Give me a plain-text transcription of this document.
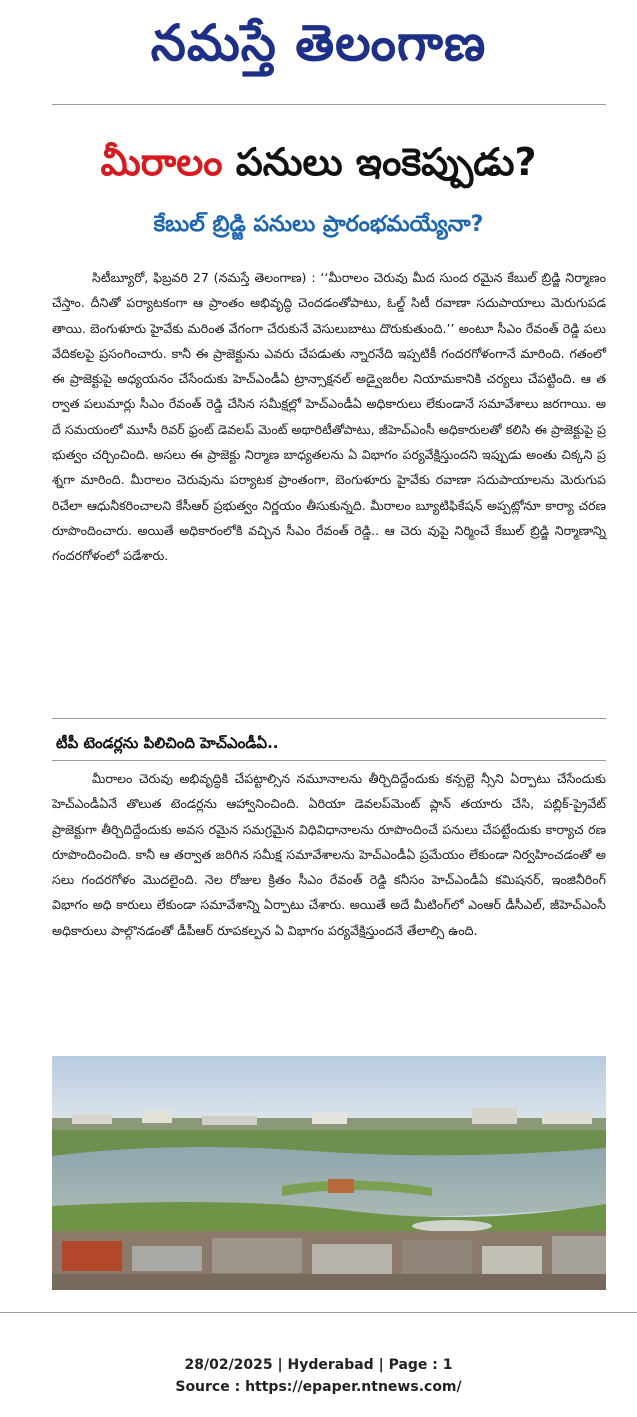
నమస్తే తెలంగాణ
మీరాలం పనులు ఇంకెప్పుడు?
కేబుల్ బ్రిడ్జి పనులు ప్రారంభమయ్యేనా?

సిటీబ్యూరో, ఫిబ్రవరి 27 (నమస్తే తెలంగాణ) : ‘‘మీరాలం చెరువు మీద సుంద రమైన కేబుల్ బ్రిడ్జి నిర్మాణం చేస్తాం. దీనితో పర్యాటకంగా ఆ ప్రాంతం అభివృద్ధి చెందడంతోపాటు, ఓల్డ్ సిటీ రవాణా సదుపాయాలు మెరుగుపడతాయి. బెంగుళూరు హైవేకు మరింత వేగంగా చేరుకునే వెసులుబాటు దొరుకుతుంది.’’ అంటూ సీఎం రేవంత్ రెడ్డి పలు వేదికలపై ప్రసంగించారు. కానీ ఈ ప్రాజెక్టును ఎవరు చేపడుతు న్నారనేది ఇప్పటికీ గందరగోళంగానే మారింది. గతంలో ఈ ప్రాజెక్టుపై అధ్యయనం చేసేందుకు హెచ్ఎండీఏ ట్రాన్సాక్షనల్ అడ్వైజరీల నియామకానికి చర్యలు చేపట్టింది. ఆ తర్వాత పలుమార్లు సీఎం రేవంత్ రెడ్డి చేసిన సమీక్షల్లో హెచ్ఎండీఏ అధికారులు లేకుండానే సమావేశాలు జరగాయి. అదే సమయంలో మూసీ రివర్ ఫ్రంట్ డెవలప్ మెంట్ అథారిటీతోపాటు, జీహెచ్ఎంసీ అధికారులతో కలిసి ఈ ప్రాజెక్టుపై ప్రభుత్వం చర్చించింది. అసలు ఈ ప్రాజెక్టు నిర్మాణ బాధ్యతలను ఏ విభాగం పర్యవేక్షిస్తుందని ఇప్పుడు అంతు చిక్కని ప్రశ్నగా మారింది. మీరాలం చెరువును పర్యాటక ప్రాంతంగా, బెంగుళూరు హైవేకు రవాణా సదుపాయాలను మెరుగుపరిచేలా ఆధునీకరించాలని కేసీఆర్ ప్రభుత్వం నిర్ణయం తీసుకున్నది. మీరాలం బ్యూటిఫికేషన్ అప్పట్లోనూ కార్యా చరణ రూపొందించారు. అయితే అధికారంలోకి వచ్చిన సీఎం రేవంత్ రెడ్డి.. ఆ చెరు వుపై నిర్మించే కేబుల్ బ్రిడ్జి నిర్మాణాన్ని గందరగోళంలో పడేశారు.

టీపీ టెండర్లను పిలిచింది హెచ్ఎండీఏ..

మీరాలం చెరువు అభివృద్ధికి చేపట్టాల్సిన నమూనాలను తీర్చిదిద్దేందుకు కన్సల్టె న్సీని ఏర్పాటు చేసేందుకు హెచ్ఎండీఏనే తొలుత టెండర్లను ఆహ్వానించింది. ఏరియా డెవలప్‌మెంట్ ప్లాన్ తయారు చేసి, పబ్లిక్-ప్రైవేట్ ప్రాజెక్టుగా తీర్చిదిద్దేందుకు అవస రమైన సమగ్రమైన విధివిధానాలను రూపొందించే పనులు చేపట్టేందుకు కార్యాచ రణ రూపొందించింది. కానీ ఆ తర్వాత జరిగిన సమీక్ష సమావేశాలను హెచ్ఎండీఏ ప్రమేయం లేకుండా నిర్వహించడంతో అసలు గందరగోళం మొదలైంది. నెల రోజుల క్రితం సీఎం రేవంత్ రెడ్డి కనీసం హెచ్ఎండీఏ కమిషనర్, ఇంజినీరింగ్ విభాగం అధి కారులు లేకుండా సమావేశాన్ని ఏర్పాటు చేశారు. అయితే అదే మీటింగ్‌లో ఎంఆర్ డీసీఎల్, జీహెచ్ఎంసీ అధికారులు పాల్గొనడంతో డీపీఆర్ రూపకల్పన ఏ విభాగం పర్యవేక్షిస్తుందనే తేలాల్సి ఉంది.

28/02/2025 | Hyderabad | Page : 1
Source : https://epaper.ntnews.com/
